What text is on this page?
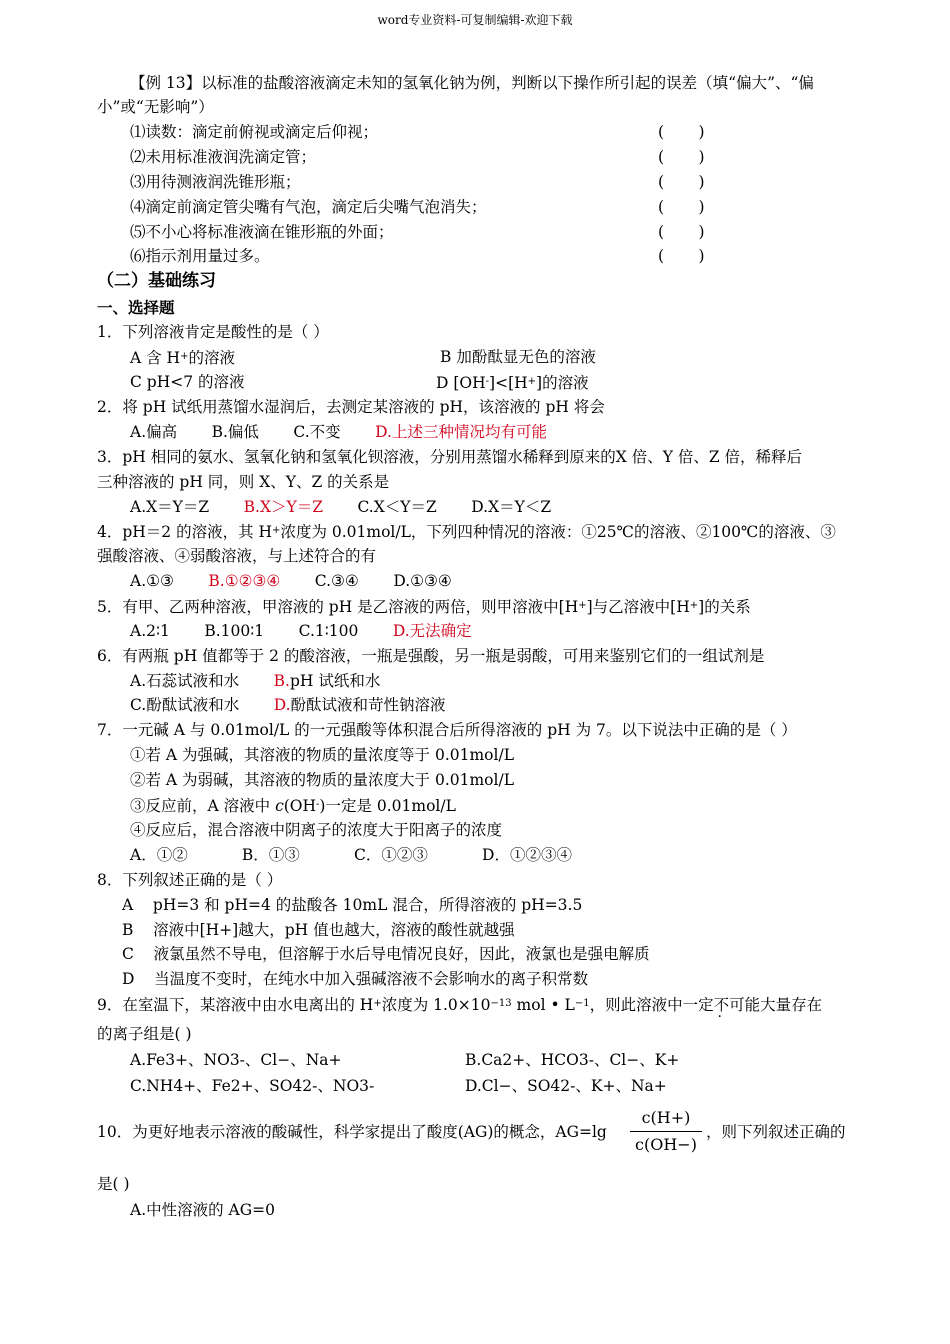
word专业资料-可复制编辑-欢迎下载
【例 13】以标准的盐酸溶液滴定未知的氢氧化钠为例，判断以下操作所引起的误差（填“偏大”、“偏
小”或“无影响”）
⑴读数：滴定前俯视或滴定后仰视；	(       )
⑵未用标准液润洗滴定管；	(       )
⑶用待测液润洗锥形瓶；	(       )
⑷滴定前滴定管尖嘴有气泡，滴定后尖嘴气泡消失；	(       )
⑸不小心将标准液滴在锥形瓶的外面；	(       )
⑹指示剂用量过多。	(       )
（二）基础练习
一、选择题
1．下列溶液肯定是酸性的是（ ）
A 含 H+的溶液	B 加酚酞显无色的溶液
C pH<7 的溶液	D [OH-]<[H+]的溶液
2．将 pH 试纸用蒸馏水湿润后，去测定某溶液的 pH，该溶液的 pH 将会
A.偏高       B.偏低       C.不变       D.上述三种情况均有可能
3．pH 相同的氨水、氢氧化钠和氢氧化钡溶液，分别用蒸馏水稀释到原来的X 倍、Y 倍、Z 倍，稀释后
三种溶液的 pH 同，则 X、Y、Z 的关系是
A.X＝Y＝Z       B.X＞Y＝Z       C.X＜Y＝Z       D.X＝Y＜Z
4．pH＝2 的溶液，其 H+浓度为 0.01mol/L，下列四种情况的溶液：①25℃的溶液、②100℃的溶液、③
强酸溶液、④弱酸溶液，与上述符合的有
A.①③       B.①②③④       C.③④       D.①③④
5．有甲、乙两种溶液，甲溶液的 pH 是乙溶液的两倍，则甲溶液中[H+]与乙溶液中[H+]的关系
A.2∶1       B.100∶1       C.1∶100       D.无法确定
6．有两瓶 pH 值都等于 2 的酸溶液，一瓶是强酸，另一瓶是弱酸，可用来鉴别它们的一组试剂是
A.石蕊试液和水       B.pH 试纸和水
C.酚酞试液和水       D.酚酞试液和苛性钠溶液
7．一元碱 A 与 0.01mol/L 的一元强酸等体积混合后所得溶液的 pH 为 7。以下说法中正确的是（ ）
①若 A 为强碱，其溶液的物质的量浓度等于 0.01mol/L
②若 A 为弱碱，其溶液的物质的量浓度大于 0.01mol/L
③反应前，A 溶液中 c(OH-)一定是 0.01mol/L
④反应后，混合溶液中阴离子的浓度大于阳离子的浓度
A．①②           B．①③           C．①②③           D．①②③④
8．下列叙述正确的是（ ）
A    pH=3 和 pH=4 的盐酸各 10mL 混合，所得溶液的 pH=3.5
B    溶液中[H+]越大，pH 值也越大，溶液的酸性就越强
C    液氯虽然不导电，但溶解于水后导电情况良好，因此，液氯也是强电解质
D    当温度不变时，在纯水中加入强碱溶液不会影响水的离子积常数
9．在室温下，某溶液中由水电离出的 H+浓度为 $1.0\times 10^{-13}$ mol • $L^{-1}$，则此溶液中一定不可能 ·大量存在
的离子组是( )
A.Fe3+、NO3-、Cl−、Na+	B.Ca2+、HCO3-、Cl−、K+
C.NH4+、Fe2+、SO42-、NO3-	D.Cl−、SO42-、K+、Na+
10．为更好地表示溶液的酸碱性，科学家提出了酸度(AG)的概念，AG=lg
c(H+)
c(OH−)
，则下列叙述正确的
是( )
A.中性溶液的 AG=0
